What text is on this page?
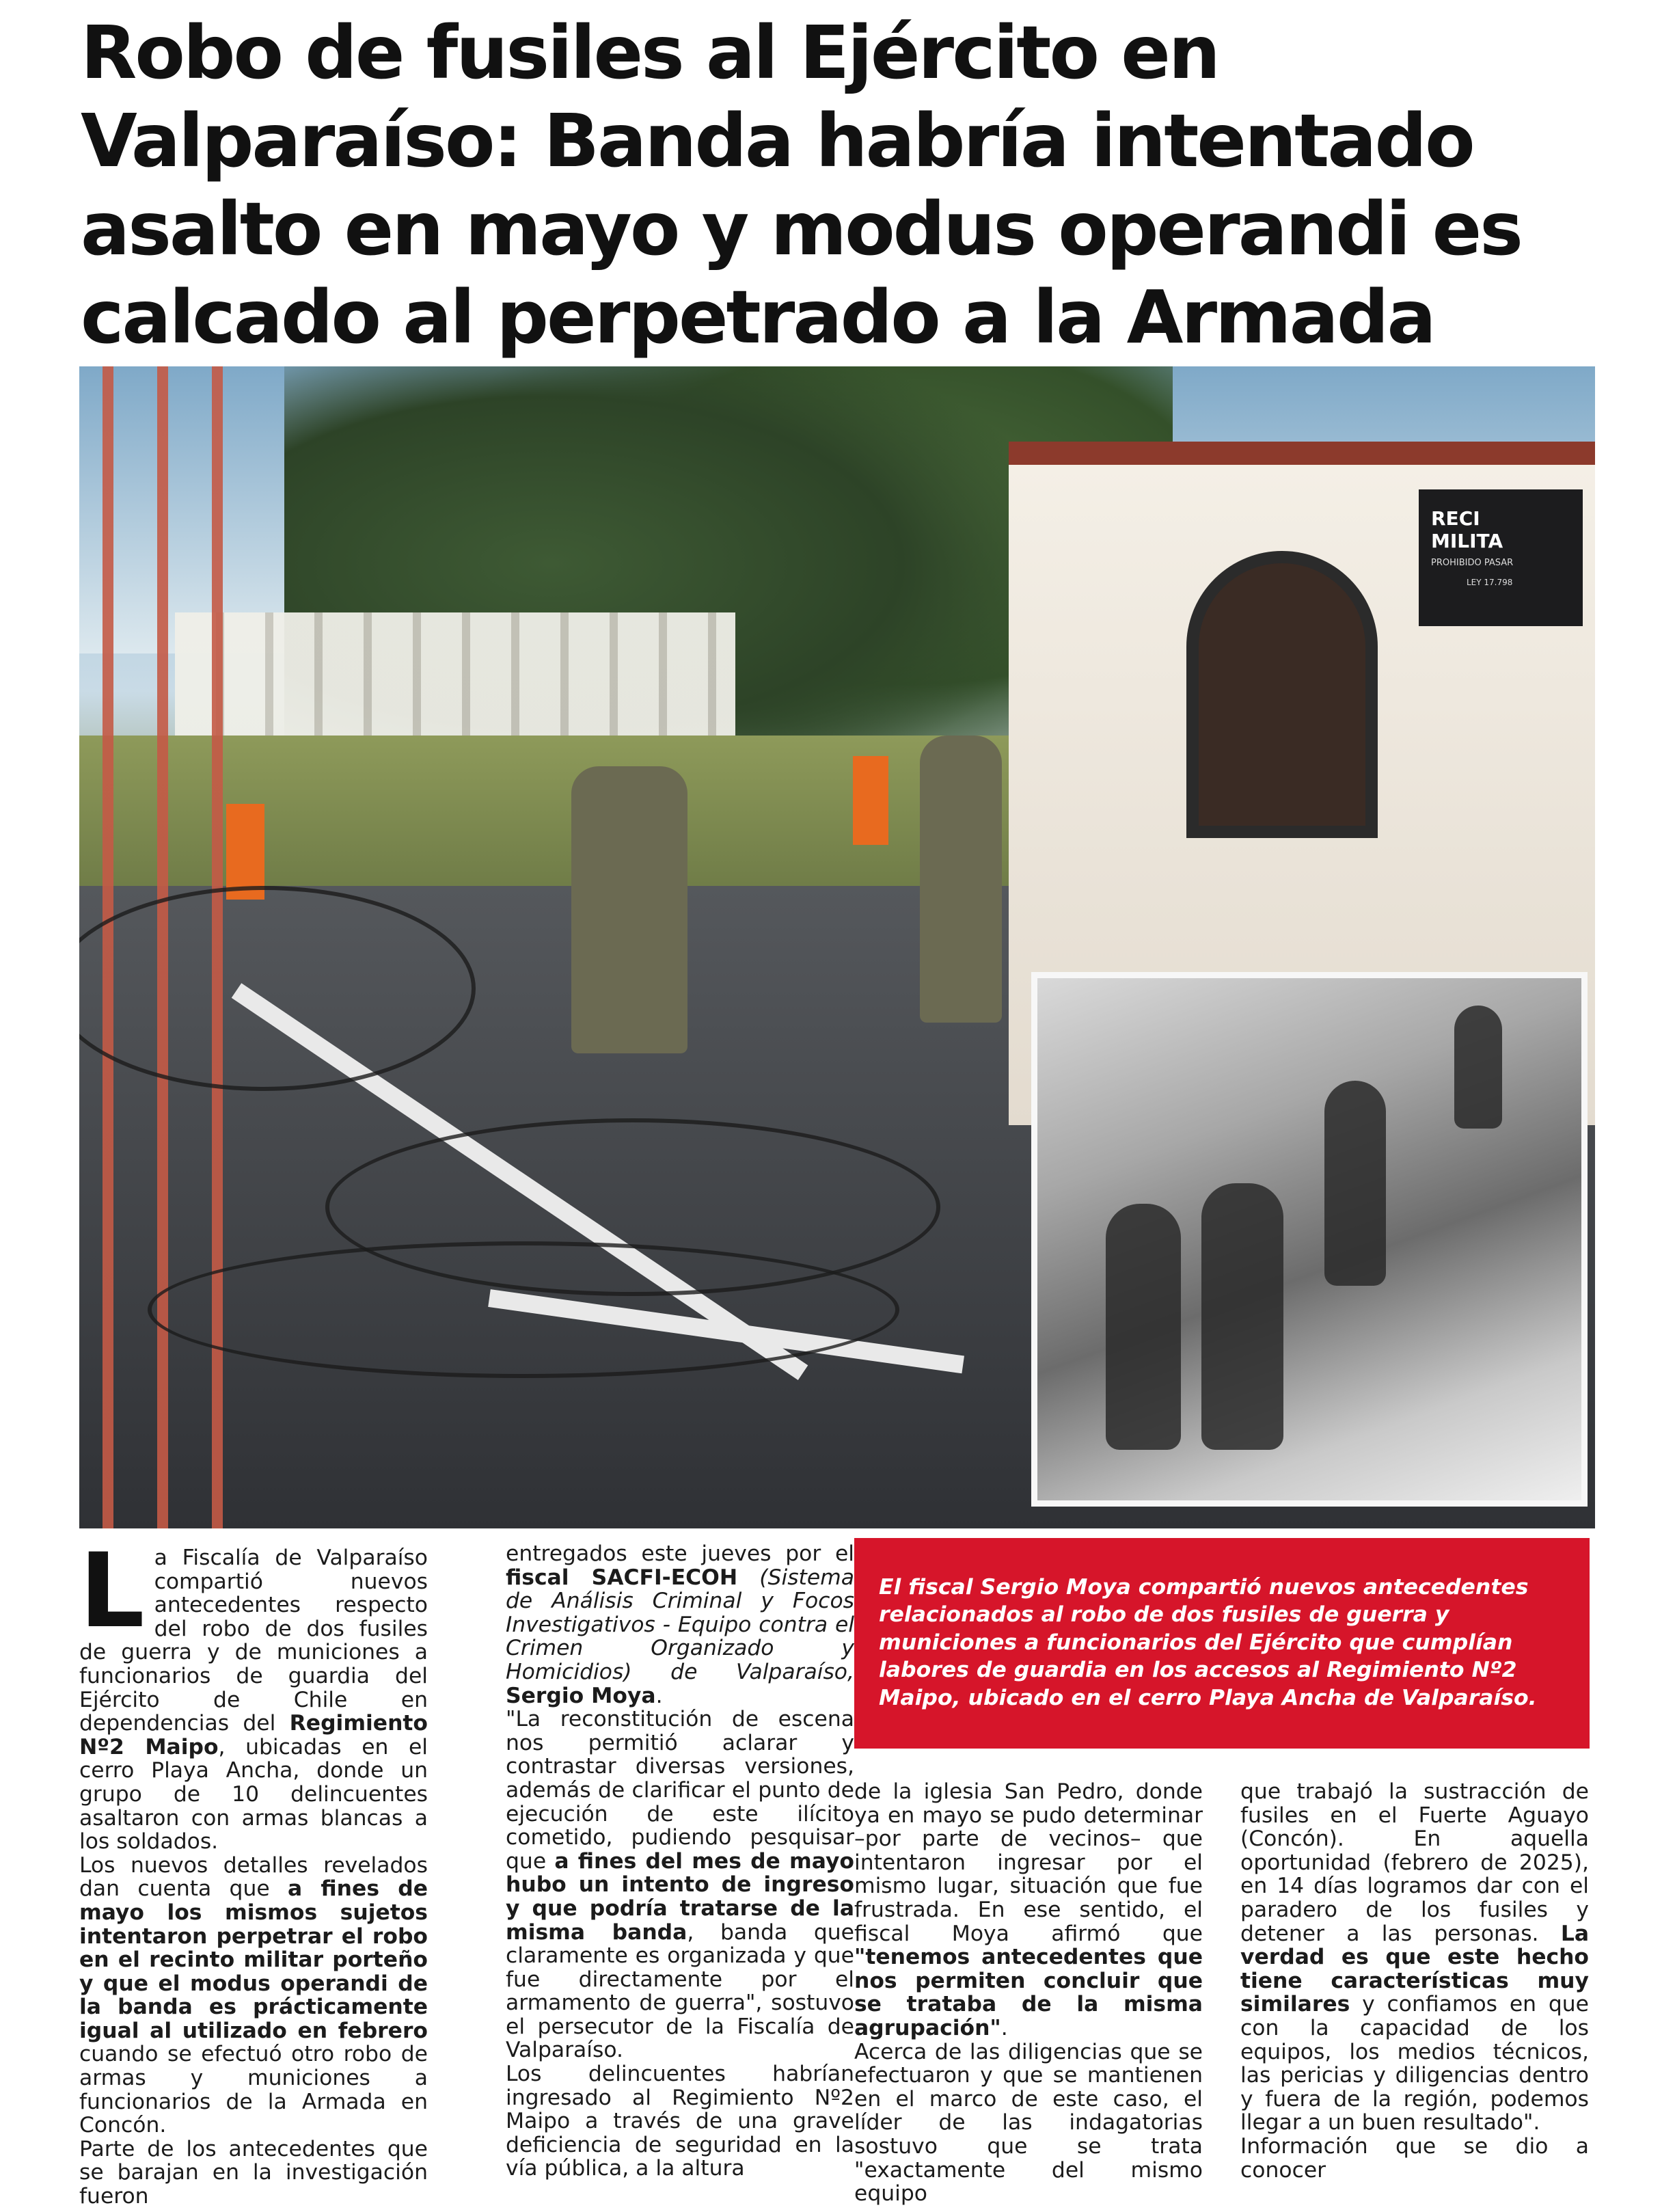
Robo de fusiles al Ejército en Valparaíso: Banda habría intentado asalto en mayo y modus operandi es calcado al perpetrado a la Armada
RECI
MILITA
PROHIBIDO PASAR
LEY 17.798
L a Fiscalía de Valparaíso compartió nuevos antecedentes respecto del robo de dos fusiles de guerra y de municiones a funcionarios de guardia del Ejército de Chile en dependencias del Regimiento Nº2 Maipo, ubicadas en el cerro Playa Ancha, donde un grupo de 10 delincuentes asaltaron con armas blancas a los soldados.

Los nuevos detalles revelados dan cuenta que a fines de mayo los mismos sujetos intentaron perpetrar el robo en el recinto militar porteño y que el modus operandi de la banda es prácticamente igual al utilizado en febrero cuando se efectuó otro robo de armas y municiones a funcionarios de la Armada en Concón.

Parte de los antecedentes que se barajan en la investigación fueron

entregados este jueves por el fiscal SACFI-ECOH (Sistema de Análisis Criminal y Focos Investigativos - Equipo contra el Crimen Organizado y Homicidios) de Valparaíso, Sergio Moya.

"La reconstitución de escena nos permitió aclarar y contrastar diversas versiones, además de clarificar el punto de ejecución de este ilícito cometido, pudiendo pesquisar que a fines del mes de mayo hubo un intento de ingreso y que podría tratarse de la misma banda, banda que claramente es organizada y que fue directamente por el armamento de guerra", sostuvo el persecutor de la Fiscalía de Valparaíso.

Los delincuentes habrían ingresado al Regimiento Nº2 Maipo a través de una grave deficiencia de seguridad en la vía pública, a la altura

El fiscal Sergio Moya compartió nuevos antecedentes relacionados al robo de dos fusiles de guerra y municiones a funcionarios del Ejército que cumplían labores de guardia en los accesos al Regimiento Nº2 Maipo, ubicado en el cerro Playa Ancha de Valparaíso.

de la iglesia San Pedro, donde ya en mayo se pudo determinar –por parte de vecinos– que intentaron ingresar por el mismo lugar, situación que fue frustrada. En ese sentido, el fiscal Moya afirmó que "tenemos antecedentes que nos permiten concluir que se trataba de la misma agrupación".

Acerca de las diligencias que se efectuaron y que se mantienen en el marco de este caso, el líder de las indagatorias sostuvo que se trata "exactamente del mismo equipo

que trabajó la sustracción de fusiles en el Fuerte Aguayo (Concón). En aquella oportunidad (febrero de 2025), en 14 días logramos dar con el paradero de los fusiles y detener a las personas. La verdad es que este hecho tiene características muy similares y confiamos en que con la capacidad de los equipos, los medios técnicos, las pericias y diligencias dentro y fuera de la región, podemos llegar a un buen resultado".

Información que se dio a conocer
